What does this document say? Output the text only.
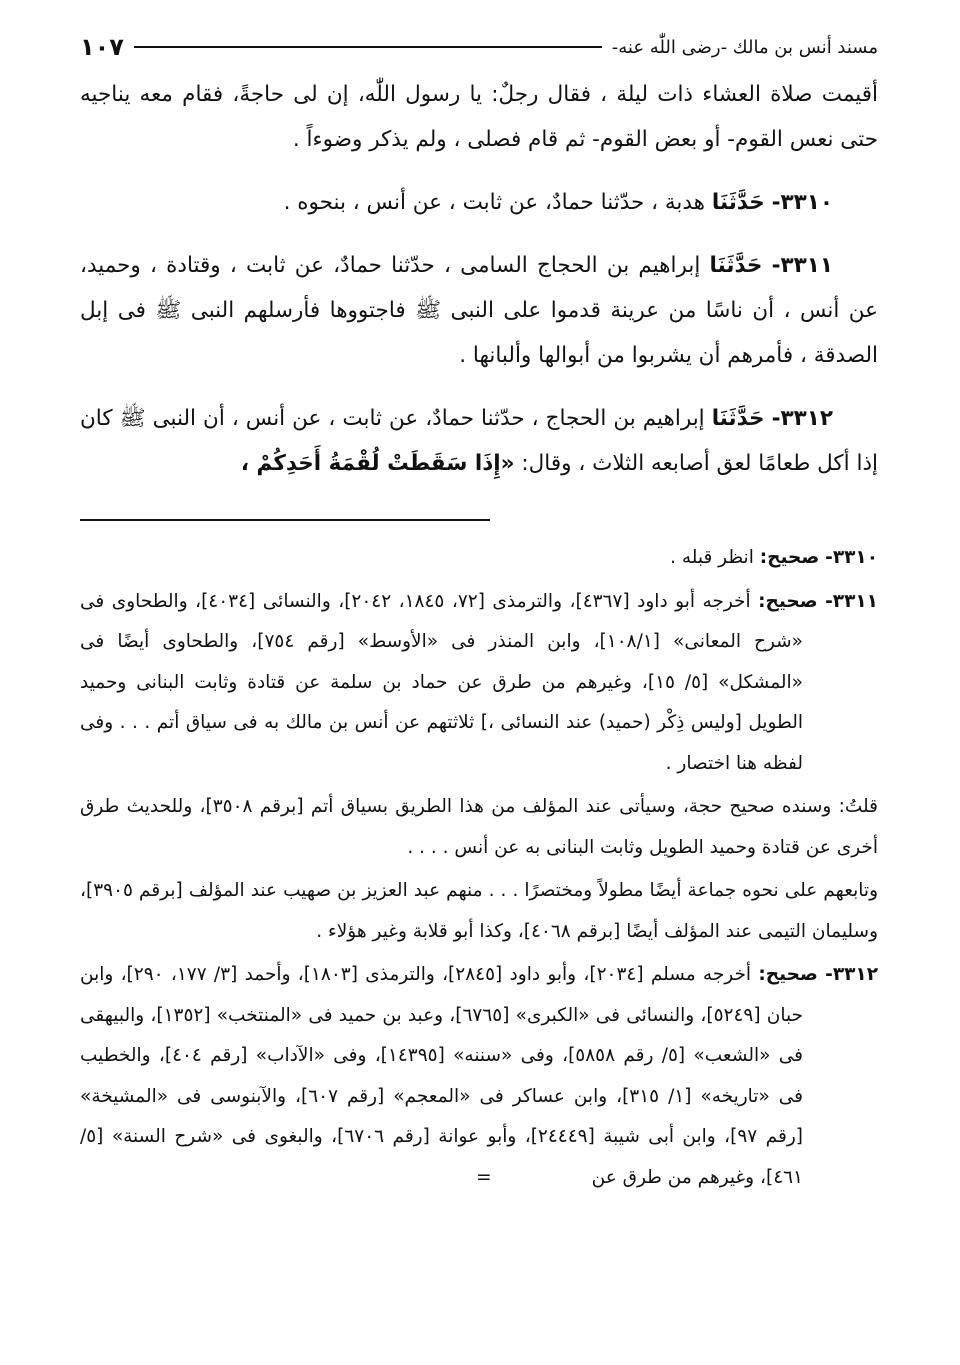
مسند أنس بن مالك -رضى اللّٰه عنه-
١٠٧

أقيمت صلاة العشاء ذات ليلة ، فقال رجلٌ: يا رسول اللّٰه، إن لى حاجةً، فقام معه يناجيه حتى نعس القوم- أو بعض القوم- ثم قام فصلى ، ولم يذكر وضوءاً .

٣٣١٠- حَدَّثَنَا هدبة ، حدّثنا حمادٌ، عن ثابت ، عن أنس ، بنحوه .

٣٣١١- حَدَّثَنَا إبراهيم بن الحجاج السامى ، حدّثنا حمادٌ، عن ثابت ، وقتادة ، وحميد، عن أنس ، أن ناسًا من عرينة قدموا على النبى ﷺ فاجتووها فأرسلهم النبى ﷺ فى إبل الصدقة ، فأمرهم أن يشربوا من أبوالها وألبانها .

٣٣١٢- حَدَّثَنَا إبراهيم بن الحجاج ، حدّثنا حمادٌ، عن ثابت ، عن أنس ، أن النبى ﷺ كان إذا أكل طعامًا لعق أصابعه الثلاث ، وقال: «إِذَا سَقَطَتْ لُقْمَةُ أَحَدِكُمْ ،

٣٣١٠- صحيح: انظر قبله .

٣٣١١- صحيح: أخرجه أبو داود [٤٣٦٧]، والترمذى [٧٢، ١٨٤٥، ٢٠٤٢]، والنسائى [٤٠٣٤]، والطحاوى فى «شرح المعانى» [١٠٨/١]، وابن المنذر فى «الأوسط» [رقم ٧٥٤]، والطحاوى أيضًا فى «المشكل» [٥/ ١٥]، وغيرهم من طرق عن حماد بن سلمة عن قتادة وثابت البنانى وحميد الطويل [وليس ذِكْر (حميد) عند النسائى ،] ثلاثتهم عن أنس بن مالك به فى سياق أتم . . . وفى لفظه هنا اختصار .

قلتُ: وسنده صحيح حجة، وسيأتى عند المؤلف من هذا الطريق بسياق أتم [برقم ٣٥٠٨]، وللحديث طرق أخرى عن قتادة وحميد الطويل وثابت البنانى به عن أنس . . . .

وتابعهم على نحوه جماعة أيضًا مطولاً ومختصرًا . . . منهم عبد العزيز بن صهيب عند المؤلف [برقم ٣٩٠٥]، وسليمان التيمى عند المؤلف أيضًا [برقم ٤٠٦٨]، وكذا أبو قلابة وغير هؤلاء .

٣٣١٢- صحيح: أخرجه مسلم [٢٠٣٤]، وأبو داود [٢٨٤٥]، والترمذى [١٨٠٣]، وأحمد [٣/ ١٧٧، ٢٩٠]، وابن حبان [٥٢٤٩]، والنسائى فى «الكبرى» [٦٧٦٥]، وعبد بن حميد فى «المنتخب» [١٣٥٢]، والبيهقى فى «الشعب» [٥/ رقم ٥٨٥٨]، وفى «سننه» [١٤٣٩٥]، وفى «الآداب» [رقم ٤٠٤]، والخطيب فى «تاريخه» [١/ ٣١٥]، وابن عساكر فى «المعجم» [رقم ٦٠٧]، والآبنوسى فى «المشيخة» [رقم ٩٧]، وابن أبى شيبة [٢٤٤٤٩]، وأبو عوانة [رقم ٦٧٠٦]، والبغوى فى «شرح السنة» [٥/ ٤٦١]، وغيرهم من طرق عن=
